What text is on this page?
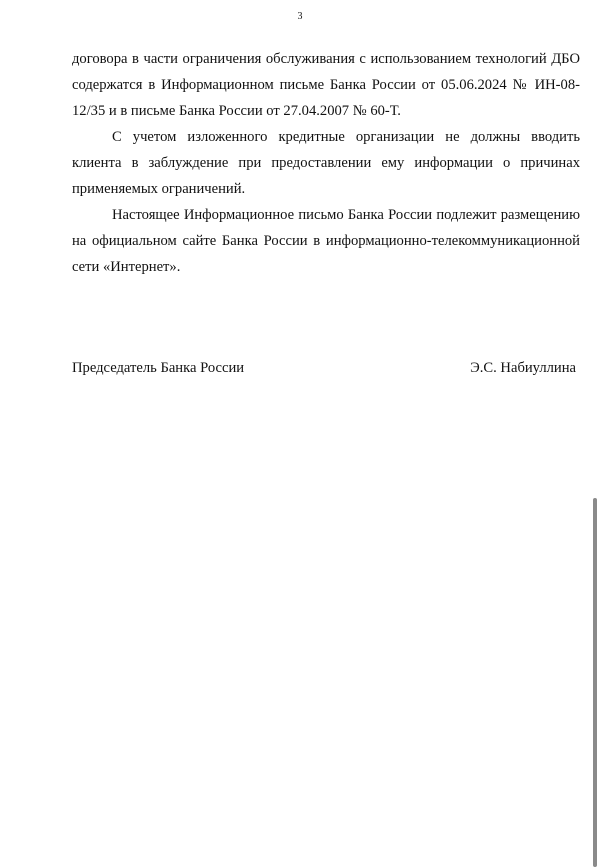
3

договора в части ограничения обслуживания с использованием технологий ДБО содержатся в Информационном письме Банка России от 05.06.2024 № ИН-08-12/35 и в письме Банка России от 27.04.2007 № 60-Т.

С учетом изложенного кредитные организации не должны вводить клиента в заблуждение при предоставлении ему информации о причинах применяемых ограничений.

Настоящее Информационное письмо Банка России подлежит размещению на официальном сайте Банка России в информационно-телекоммуникационной сети «Интернет».

Председатель Банка России	Э.С. Набиуллина
